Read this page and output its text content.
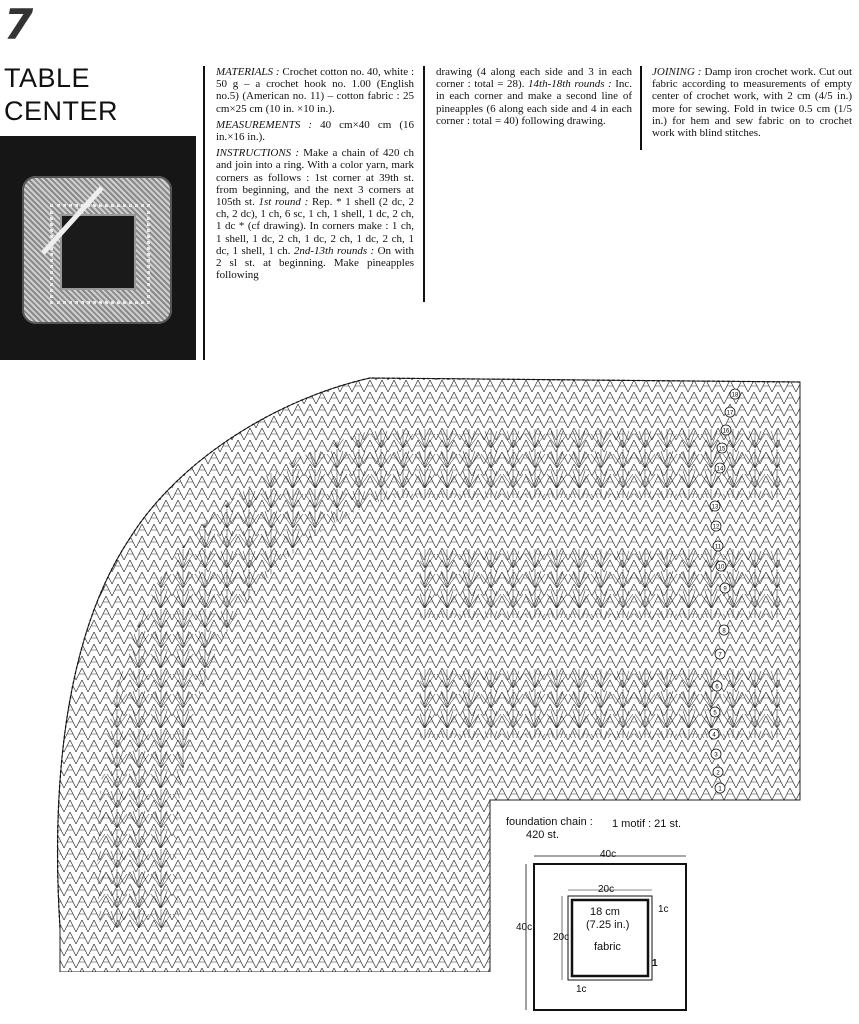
7
TABLE
CENTER

MATERIALS : Crochet cotton no. 40, white : 50 g – a crochet hook no. 1.00 (English no.5) (American no. 11) – cotton fabric : 25 cm×25 cm (10 in. ×10 in.).

MEASUREMENTS : 40 cm×40 cm (16 in.×16 in.).

INSTRUCTIONS : Make a chain of 420 ch and join into a ring. With a color yarn, mark corners as follows : 1st corner at 39th st. from beginning, and the next 3 corners at 105th st. 1st round : Rep. * 1 shell (2 dc, 2 ch, 2 dc), 1 ch, 6 sc, 1 ch, 1 shell, 1 dc, 2 ch, 1 dc * (cf drawing). In corners make : 1 ch, 1 shell, 1 dc, 2 ch, 1 dc, 2 ch, 1 dc, 2 ch, 1 dc, 1 shell, 1 ch. 2nd-13th rounds : On with 2 sl st. at beginning. Make pineapples following

drawing (4 along each side and 3 in each corner : total = 28). 14th-18th rounds : Inc. in each corner and make a second line of pineapples (6 along each side and 4 in each corner : total = 40) following drawing.

JOINING : Damp iron crochet work. Cut out fabric according to measurements of empty center of crochet work, with 2 cm (4/5 in.) more for sewing. Fold in twice 0.5 cm (1/5 in.) for hem and sew fabric on to crochet work with blind stitches.

18
17
16
15
14
13
12
11
10
9
8
7
6
5
4
3
2
1
foundation chain :
420 st.
1 motif : 21 st.
40c
40c
20c
20c
1c
1c
18 cm
(7.25 in.)
fabric
1
